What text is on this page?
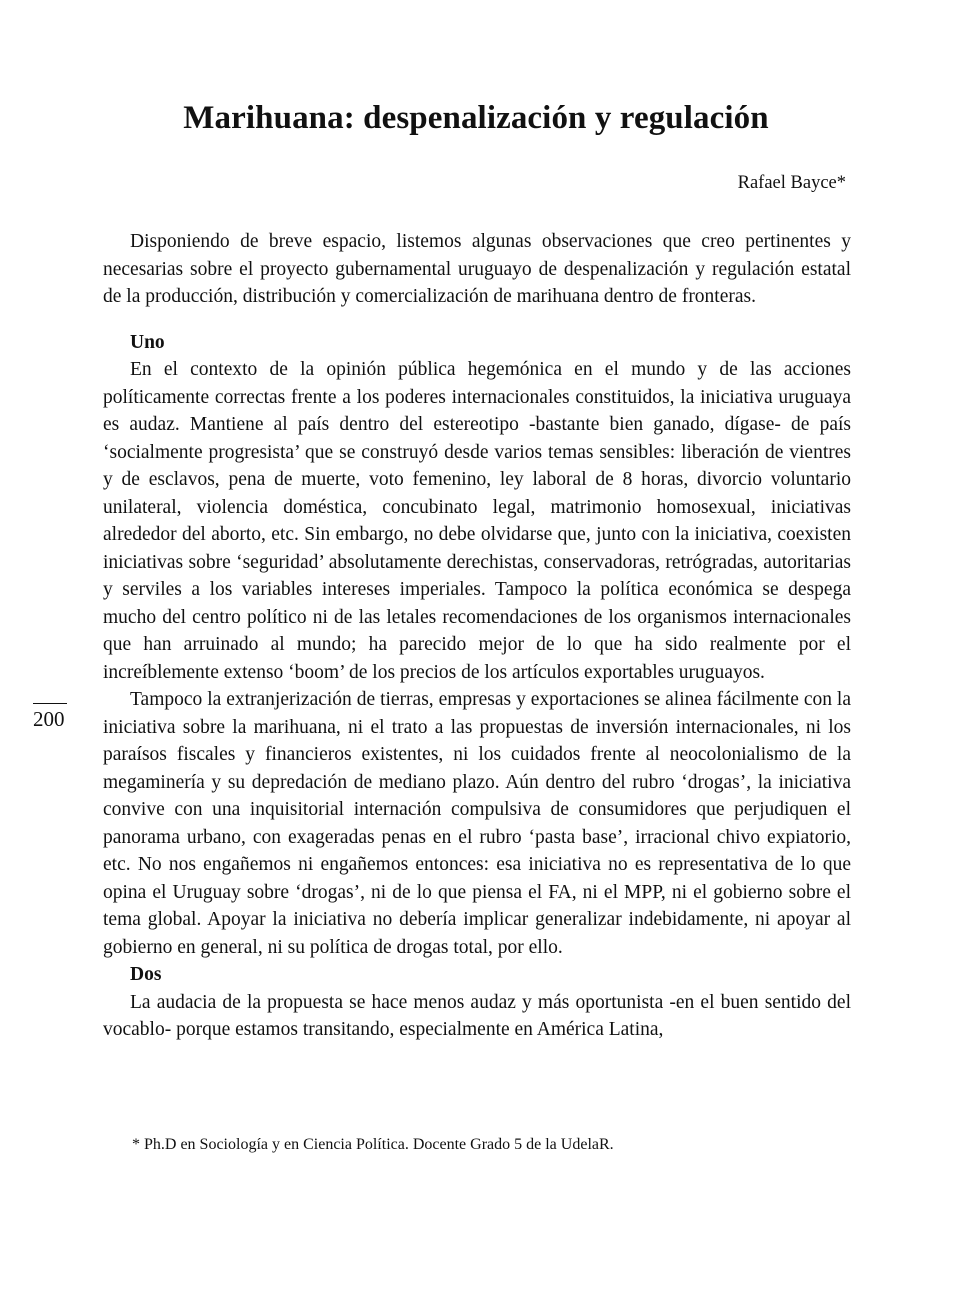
Marihuana: despenalización y regulación

Rafael Bayce*

Disponiendo de breve espacio, listemos algunas observaciones que creo pertinentes y necesarias sobre el proyecto gubernamental uruguayo de despenalización y regulación estatal de la producción, distribución y comercialización de marihuana dentro de fronteras.

Uno

En el contexto de la opinión pública hegemónica en el mundo y de las acciones políticamente correctas frente a los poderes internacionales constituidos, la iniciativa uruguaya es audaz. Mantiene al país dentro del estereotipo -bastante bien ganado, dígase- de país ‘socialmente progresista’ que se construyó desde varios temas sensibles: liberación de vientres y de esclavos, pena de muerte, voto femenino, ley laboral de 8 horas, divorcio voluntario unilateral, violencia doméstica, concubinato legal, matrimonio homosexual, iniciativas alrededor del aborto, etc. Sin embargo, no debe olvidarse que, junto con la iniciativa, coexisten iniciativas sobre ‘seguridad’ absolutamente derechistas, conservadoras, retrógradas, autoritarias y serviles a los variables intereses imperiales. Tampoco la política económica se despega mucho del centro político ni de las letales recomendaciones de los organismos internacionales que han arruinado al mundo; ha parecido mejor de lo que ha sido realmente por el increíblemente extenso ‘boom’ de los precios de los artículos exportables uruguayos.

Tampoco la extranjerización de tierras, empresas y exportaciones se alinea fácilmente con la iniciativa sobre la marihuana, ni el trato a las propuestas de inversión internacionales, ni los paraísos fiscales y financieros existentes, ni los cuidados frente al neocolonialismo de la megaminería y su depredación de mediano plazo. Aún dentro del rubro ‘drogas’, la iniciativa convive con una inquisitorial internación compulsiva de consumidores que perjudiquen el panorama urbano, con exageradas penas en el rubro ‘pasta base’, irracional chivo expiatorio, etc. No nos engañemos ni engañemos entonces: esa iniciativa no es representativa de lo que opina el Uruguay sobre ‘drogas’, ni de lo que piensa el FA, ni el MPP, ni el gobierno sobre el tema global. Apoyar la iniciativa no debería implicar generalizar indebidamente, ni apoyar al gobierno en general, ni su política de drogas total, por ello.

Dos

La audacia de la propuesta se hace menos audaz y más oportunista -en el buen sentido del vocablo- porque estamos transitando, especialmente en América Latina,

200

* Ph.D en Sociología y en Ciencia Política. Docente Grado 5 de la UdelaR.
